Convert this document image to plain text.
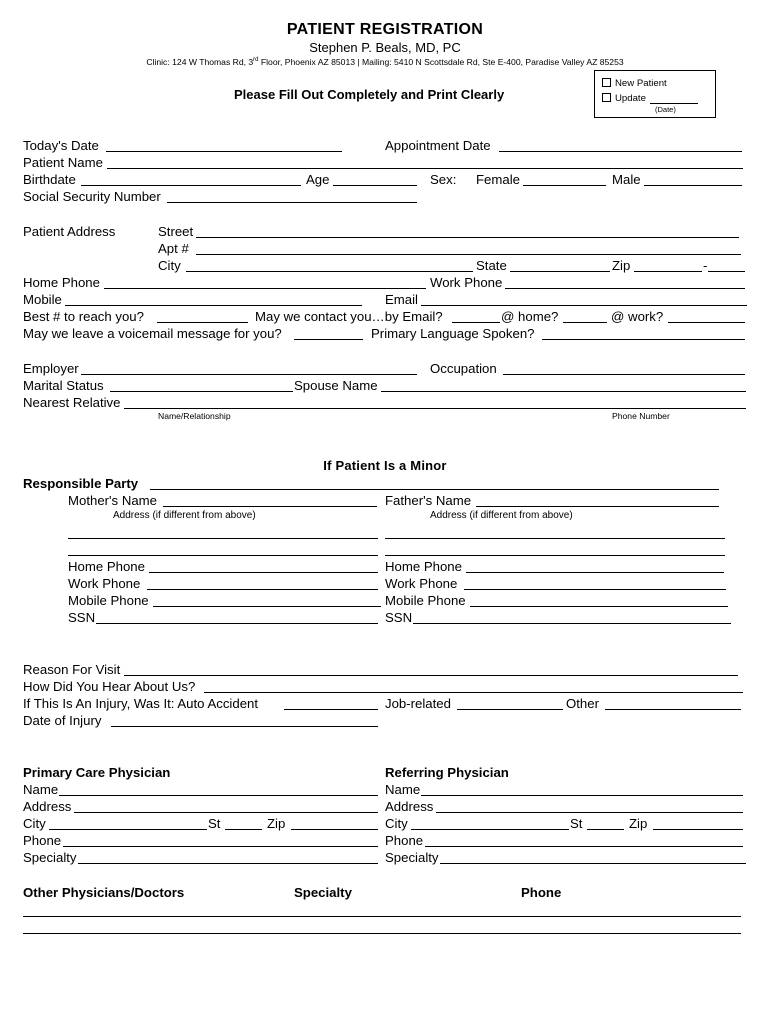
PATIENT REGISTRATION
Stephen P. Beals, MD, PC
Clinic: 124 W Thomas Rd, 3rd Floor, Phoenix AZ 85013 | Mailing: 5410 N Scottsdale Rd, Ste E-400, Paradise Valley AZ 85253
Please Fill Out Completely and Print Clearly
New Patient
Update
(Date)
Today's Date	Appointment Date
Patient Name
Birthdate	Age	Sex: Female	Male
Social Security Number
Patient Address	Street
Apt #
City	State	Zip	-
Home Phone	Work Phone
Mobile	Email
Best # to reach you?	May we contact you…by Email?	@ home?	@ work?
May we leave a voicemail message for you?	Primary Language Spoken?
Employer	Occupation
Marital Status	Spouse Name
Nearest Relative
Name/Relationship	Phone Number
If Patient Is a Minor
Responsible Party
Mother's Name	Father's Name
Address (if different from above)	Address (if different from above)
Home Phone	Home Phone
Work Phone	Work Phone
Mobile Phone	Mobile Phone
SSN	SSN
Reason For Visit
How Did You Hear About Us?
If This Is An Injury, Was It: Auto Accident	Job-related	Other
Date of Injury
Primary Care Physician	Referring Physician
Name	Name
Address	Address
City	St	Zip	City	St	Zip
Phone	Phone
Specialty	Specialty
Other Physicians/Doctors	Specialty	Phone
